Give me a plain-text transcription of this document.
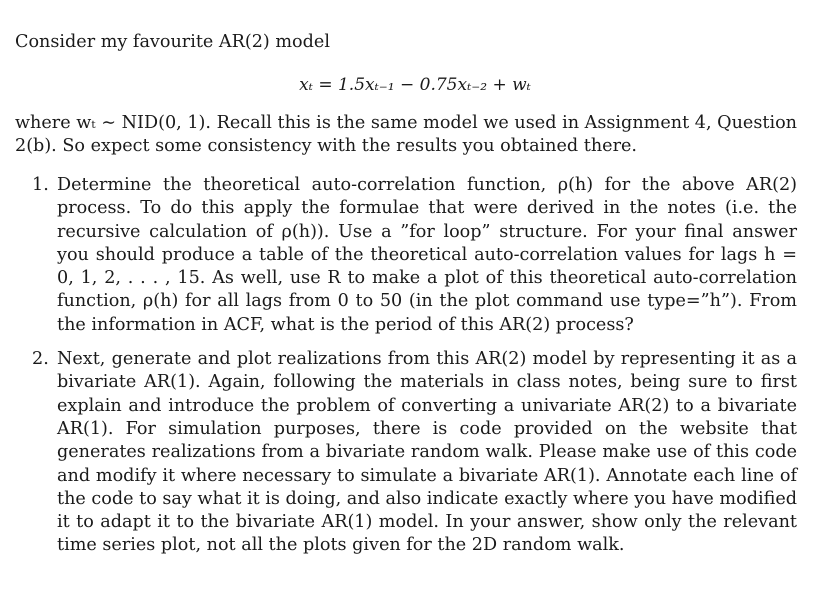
Consider my favourite AR(2) model
xₜ = 1.5xₜ₋₁ − 0.75xₜ₋₂ + wₜ
where wₜ ∼ NID(0, 1). Recall this is the same model we used in Assignment 4, Question 2(b). So expect some consistency with the results you obtained there.
1. Determine the theoretical auto-correlation function, ρ(h) for the above AR(2) process. To do this apply the formulae that were derived in the notes (i.e. the recursive calculation of ρ(h)). Use a ”for loop” structure. For your final answer you should produce a table of the theoretical auto-correlation values for lags h = 0, 1, 2, . . . , 15. As well, use R to make a plot of this theoretical auto-correlation function, ρ(h) for all lags from 0 to 50 (in the plot command use type=”h”). From the information in ACF, what is the period of this AR(2) process?
2. Next, generate and plot realizations from this AR(2) model by representing it as a bivariate AR(1). Again, following the materials in class notes, being sure to first explain and introduce the problem of converting a univariate AR(2) to a bivariate AR(1). For simulation purposes, there is code provided on the website that generates realizations from a bivariate random walk. Please make use of this code and modify it where necessary to simulate a bivariate AR(1). Annotate each line of the code to say what it is doing, and also indicate exactly where you have modified it to adapt it to the bivariate AR(1) model. In your answer, show only the relevant time series plot, not all the plots given for the 2D random walk.
